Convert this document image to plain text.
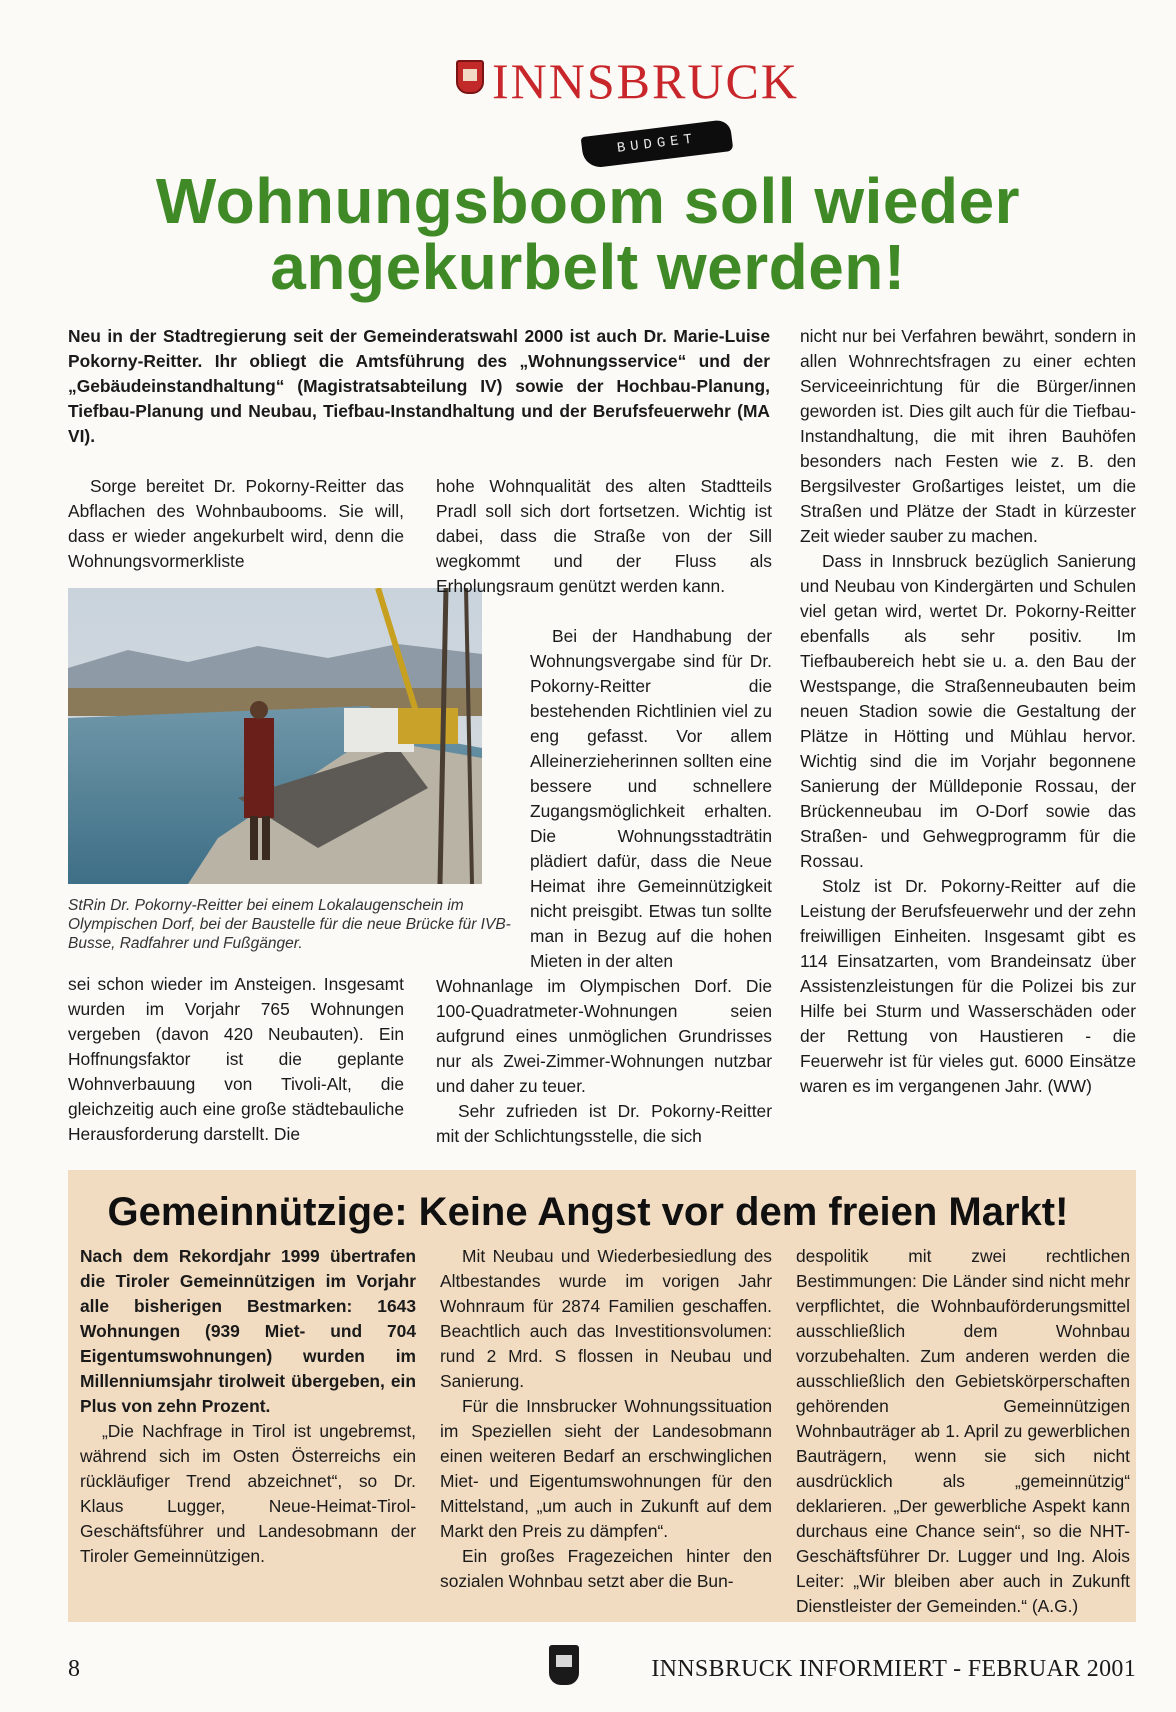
INNSBRUCK
BUDGET
Wohnungsboom soll wieder
angekurbelt werden!
Neu in der Stadtregierung seit der Gemeinderatswahl 2000 ist auch Dr. Marie-Luise Pokorny-Reitter. Ihr obliegt die Amtsführung des „Wohnungsservice“ und der „Gebäudeinstandhaltung“ (Magistratsabteilung IV) sowie der Hochbau-Planung, Tiefbau-Planung und Neubau, Tiefbau-Instandhaltung und der Berufsfeuerwehr (MA VI).

Sorge bereitet Dr. Pokorny-Reitter das Abflachen des Wohnbaubooms. Sie will, dass er wieder angekurbelt wird, denn die Wohnungsvormerkliste

StRin Dr. Pokorny-Reitter bei einem Lokalaugenschein im Olympischen Dorf, bei der Baustelle für die neue Brücke für IVB-Busse, Radfahrer und Fußgänger.

sei schon wieder im Ansteigen. Insgesamt wurden im Vorjahr 765 Wohnungen vergeben (davon 420 Neubauten). Ein Hoffnungsfaktor ist die geplante Wohnverbauung von Tivoli-Alt, die gleichzeitig auch eine große städtebauliche Herausforderung darstellt. Die

hohe Wohnqualität des alten Stadtteils Pradl soll sich dort fortsetzen. Wichtig ist dabei, dass die Straße von der Sill wegkommt und der Fluss als Erholungsraum genützt werden kann.

Bei der Handhabung der Wohnungsvergabe sind für Dr. Pokorny-Reitter die bestehenden Richtlinien viel zu eng gefasst. Vor allem Alleinerzieherinnen sollten eine bessere und schnellere Zugangsmöglichkeit erhalten. Die Wohnungsstadträtin plädiert dafür, dass die Neue Heimat ihre Gemeinnützigkeit nicht preisgibt. Etwas tun sollte man in Bezug auf die hohen Mieten in der alten

Wohnanlage im Olympischen Dorf. Die 100-Quadratmeter-Wohnungen seien aufgrund eines unmöglichen Grundrisses nur als Zwei-Zimmer-Wohnungen nutzbar und daher zu teuer.

Sehr zufrieden ist Dr. Pokorny-Reitter mit der Schlichtungsstelle, die sich

nicht nur bei Verfahren bewährt, sondern in allen Wohnrechtsfragen zu einer echten Serviceeinrichtung für die Bürger/innen geworden ist. Dies gilt auch für die Tiefbau-Instandhaltung, die mit ihren Bauhöfen besonders nach Festen wie z. B. den Bergsilvester Großartiges leistet, um die Straßen und Plätze der Stadt in kürzester Zeit wieder sauber zu machen.

Dass in Innsbruck bezüglich Sanierung und Neubau von Kindergärten und Schulen viel getan wird, wertet Dr. Pokorny-Reitter ebenfalls als sehr positiv. Im Tiefbaubereich hebt sie u. a. den Bau der Westspange, die Straßenneubauten beim neuen Stadion sowie die Gestaltung der Plätze in Hötting und Mühlau hervor. Wichtig sind die im Vorjahr begonnene Sanierung der Mülldeponie Rossau, der Brückenneubau im O-Dorf sowie das Straßen- und Gehwegprogramm für die Rossau.

Stolz ist Dr. Pokorny-Reitter auf die Leistung der Berufsfeuerwehr und der zehn freiwilligen Einheiten. Insgesamt gibt es 114 Einsatzarten, vom Brandeinsatz über Assistenzleistungen für die Polizei bis zur Hilfe bei Sturm und Wasserschäden oder der Rettung von Haustieren - die Feuerwehr ist für vieles gut. 6000 Einsätze waren es im vergangenen Jahr. (WW)

Gemeinnützige: Keine Angst vor dem freien Markt!

Nach dem Rekordjahr 1999 übertrafen die Tiroler Gemeinnützigen im Vorjahr alle bisherigen Bestmarken: 1643 Wohnungen (939 Miet- und 704 Eigentumswohnungen) wurden im Millenniumsjahr tirolweit übergeben, ein Plus von zehn Prozent.

„Die Nachfrage in Tirol ist ungebremst, während sich im Osten Österreichs ein rückläufiger Trend abzeichnet“, so Dr. Klaus Lugger, Neue-Heimat-Tirol-Geschäftsführer und Landesobmann der Tiroler Gemeinnützigen.

Mit Neubau und Wiederbesiedlung des Altbestandes wurde im vorigen Jahr Wohnraum für 2874 Familien geschaffen. Beachtlich auch das Investitionsvolumen: rund 2 Mrd. S flossen in Neubau und Sanierung.

Für die Innsbrucker Wohnungssituation im Speziellen sieht der Landesobmann einen weiteren Bedarf an erschwinglichen Miet- und Eigentumswohnungen für den Mittelstand, „um auch in Zukunft auf dem Markt den Preis zu dämpfen“.

Ein großes Fragezeichen hinter den sozialen Wohnbau setzt aber die Bun-

despolitik mit zwei rechtlichen Bestimmungen: Die Länder sind nicht mehr verpflichtet, die Wohnbauförderungsmittel ausschließlich dem Wohnbau vorzubehalten. Zum anderen werden die ausschließlich den Gebietskörperschaften gehörenden Gemeinnützigen Wohnbauträger ab 1. April zu gewerblichen Bauträgern, wenn sie sich nicht ausdrücklich als „gemeinnützig“ deklarieren. „Der gewerbliche Aspekt kann durchaus eine Chance sein“, so die NHT-Geschäftsführer Dr. Lugger und Ing. Alois Leiter: „Wir bleiben aber auch in Zukunft Dienstleister der Gemeinden.“ (A.G.)

8	INNSBRUCK INFORMIERT - FEBRUAR 2001
